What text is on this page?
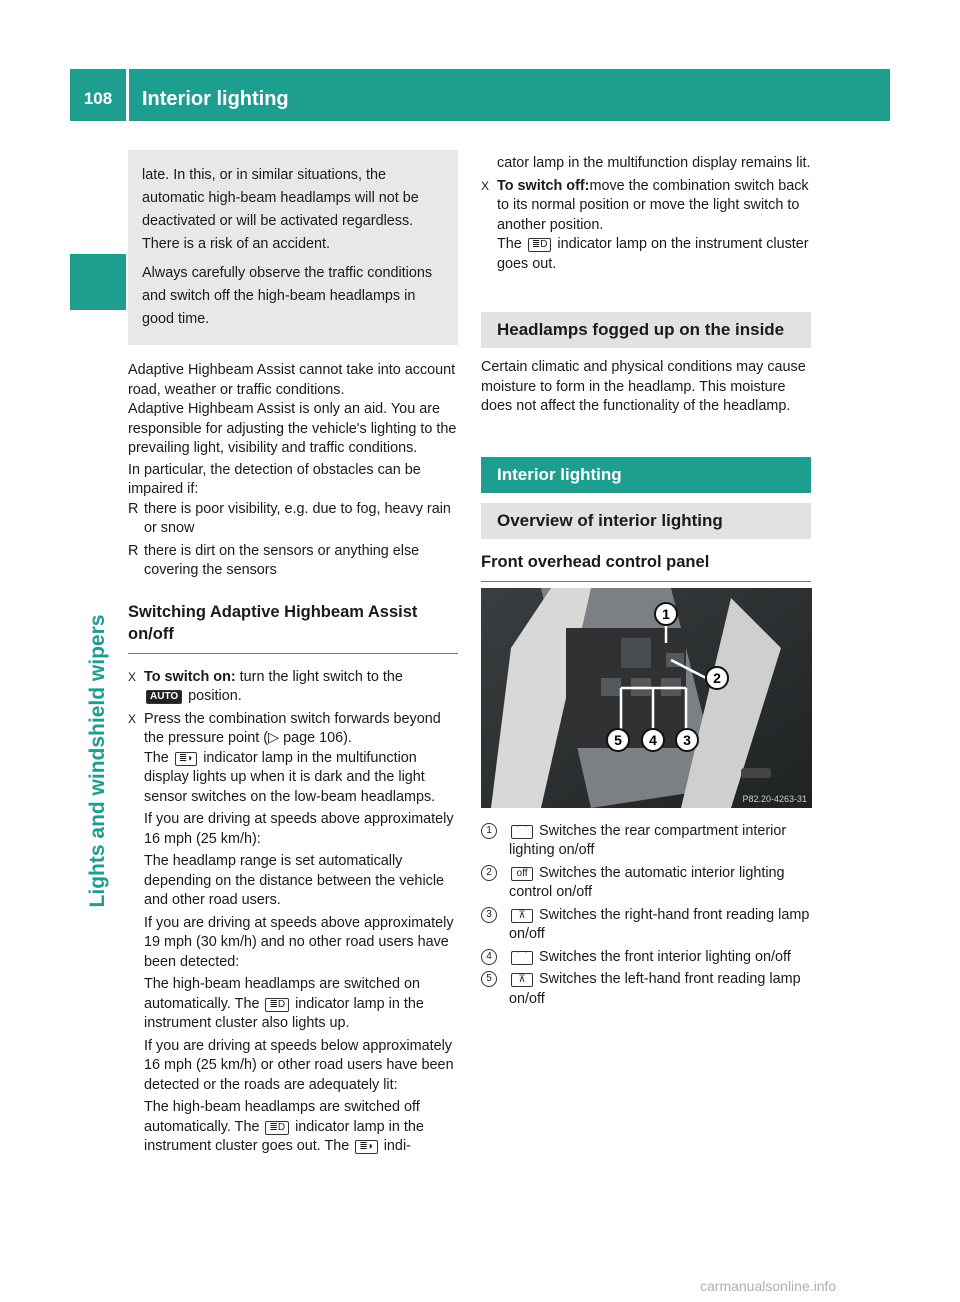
108	Interior lighting
Lights and windshield wipers

late. In this, or in similar situations, the automatic high-beam headlamps will not be deactivated or will be activated regardless. There is a risk of an accident.

Always carefully observe the traffic conditions and switch off the high-beam headlamps in good time.

Adaptive Highbeam Assist cannot take into account road, weather or traffic conditions.

Adaptive Highbeam Assist is only an aid. You are responsible for adjusting the vehicle's lighting to the prevailing light, visibility and traffic conditions.

In particular, the detection of obstacles can be impaired if:

R there is poor visibility, e.g. due to fog, heavy rain or snow
R there is dirt on the sensors or anything else covering the sensors
Switching Adaptive Highbeam Assist on/off
X To switch on: turn the light switch to the
AUTO position.
X Press the combination switch forwards beyond the pressure point (▷ page 106).
The ≣◗ indicator lamp in the multifunction display lights up when it is dark and the light sensor switches on the low-beam headlamps.
If you are driving at speeds above approximately 16 mph (25 km/h):
The headlamp range is set automatically depending on the distance between the vehicle and other road users.
If you are driving at speeds above approximately 19 mph (30 km/h) and no other road users have been detected:
The high-beam headlamps are switched on automatically. The ≣D indicator lamp in the instrument cluster also lights up.
If you are driving at speeds below approximately 16 mph (25 km/h) or other road users have been detected or the roads are adequately lit:
The high-beam headlamps are switched off automatically. The ≣D indicator lamp in the instrument cluster goes out. The ≣◗ indi-
cator lamp in the multifunction display remains lit.
X To switch off:move the combination switch back to its normal position or move the light switch to another position.
The ≣D indicator lamp on the instrument cluster goes out.
Headlamps fogged up on the inside

Certain climatic and physical conditions may cause moisture to form in the headlamp. This moisture does not affect the functionality of the headlamp.

Interior lighting
Overview of interior lighting
Front overhead control panel
1
2
3
4
5
P82.20-4263-31
1	⌒ Switches the rear compartment interior lighting on/off
2	off Switches the automatic interior lighting control on/off
3	⊼ Switches the right-hand front reading lamp on/off
4	⌒ Switches the front interior lighting on/off
5	⊼ Switches the left-hand front reading lamp on/off
carmanualsonline.info
